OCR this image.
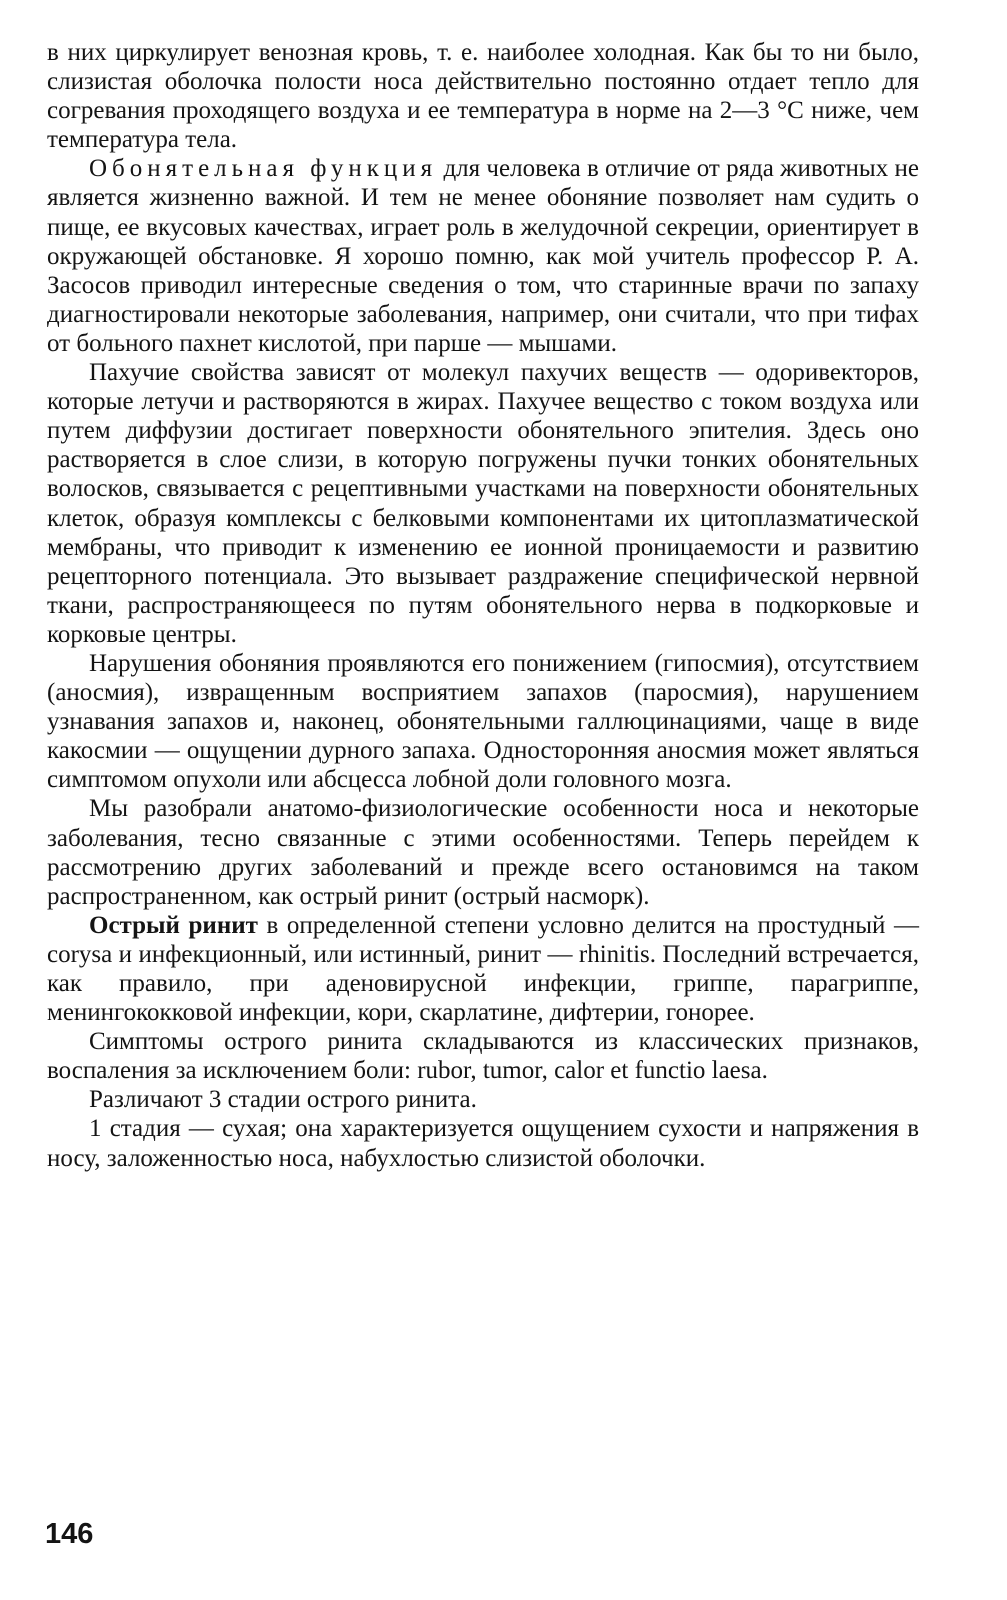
в них циркулирует венозная кровь, т. е. наиболее холодная. Как бы то ни было, слизистая оболочка полости носа действительно постоянно отдает тепло для согревания проходящего воздуха и ее температура в норме на 2—3 °С ниже, чем температура тела.

Обонятельная функция для человека в отличие от ряда животных не является жизненно важной. И тем не менее обоняние позволяет нам судить о пище, ее вкусовых качествах, играет роль в желудочной секреции, ориентирует в окружающей обстановке. Я хорошо помню, как мой учитель профессор Р. А. Засосов приводил интересные сведения о том, что старинные врачи по запаху диагностировали некоторые заболевания, например, они считали, что при тифах от больного пахнет кислотой, при парше — мышами.

Пахучие свойства зависят от молекул пахучих веществ — одоривекторов, которые летучи и растворяются в жирах. Пахучее вещество с током воздуха или путем диффузии достигает поверхности обонятельного эпителия. Здесь оно растворяется в слое слизи, в которую погружены пучки тонких обонятельных волосков, связывается с рецептивными участками на поверхности обонятельных клеток, образуя комплексы с белковыми компонентами их цитоплазматической мембраны, что приводит к изменению ее ионной проницаемости и развитию рецепторного потенциала. Это вызывает раздражение специфической нервной ткани, распространяющееся по путям обонятельного нерва в подкорковые и корковые центры.

Нарушения обоняния проявляются его понижением (гипосмия), отсутствием (аносмия), извращенным восприятием запахов (паросмия), нарушением узнавания запахов и, наконец, обонятельными галлюцинациями, чаще в виде какосмии — ощущении дурного запаха. Односторонняя аносмия может являться симптомом опухоли или абсцесса лобной доли головного мозга.

Мы разобрали анатомо-физиологические особенности носа и некоторые заболевания, тесно связанные с этими особенностями. Теперь перейдем к рассмотрению других заболеваний и прежде всего остановимся на таком распространенном, как острый ринит (острый насморк).

Острый ринит в определенной степени условно делится на простудный — corysa и инфекционный, или истинный, ринит — rhinitis. Последний встречается, как правило, при аденовирусной инфекции, гриппе, парагриппе, менингококковой инфекции, кори, скарлатине, дифтерии, гонорее.

Симптомы острого ринита складываются из классических признаков, воспаления за исключением боли: rubor, tumor, calor et functio laesa.

Различают 3 стадии острого ринита.

1 стадия — сухая; она характеризуется ощущением сухости и напряжения в носу, заложенностью носа, набухлостью слизистой оболочки.

146
